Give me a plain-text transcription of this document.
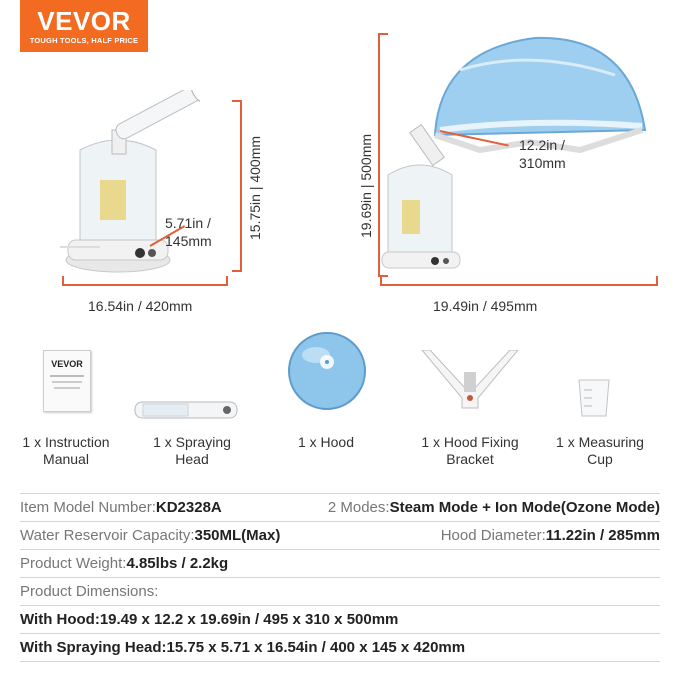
VEVOR
TOUGH TOOLS, HALF PRICE
15.75in | 400mm
5.71in /
145mm
16.54in / 420mm
19.69in | 500mm	12.2in /
310mm
19.49in / 495mm
VEVOR
1 x Instruction
Manual
1 x Spraying
Head
1 x Hood	1 x Hood Fixing
Bracket
1 x Measuring
Cup
Item Model Number: KD2328A	2 Modes: Steam Mode + Ion Mode(Ozone Mode)
Water Reservoir Capacity: 350ML(Max)	Hood Diameter: 11.22in / 285mm
Product Weight: 4.85lbs / 2.2kg
Product Dimensions:
With Hood:19.49 x 12.2 x 19.69in / 495 x 310 x 500mm
With Spraying Head:15.75 x 5.71 x 16.54in / 400 x 145 x 420mm
